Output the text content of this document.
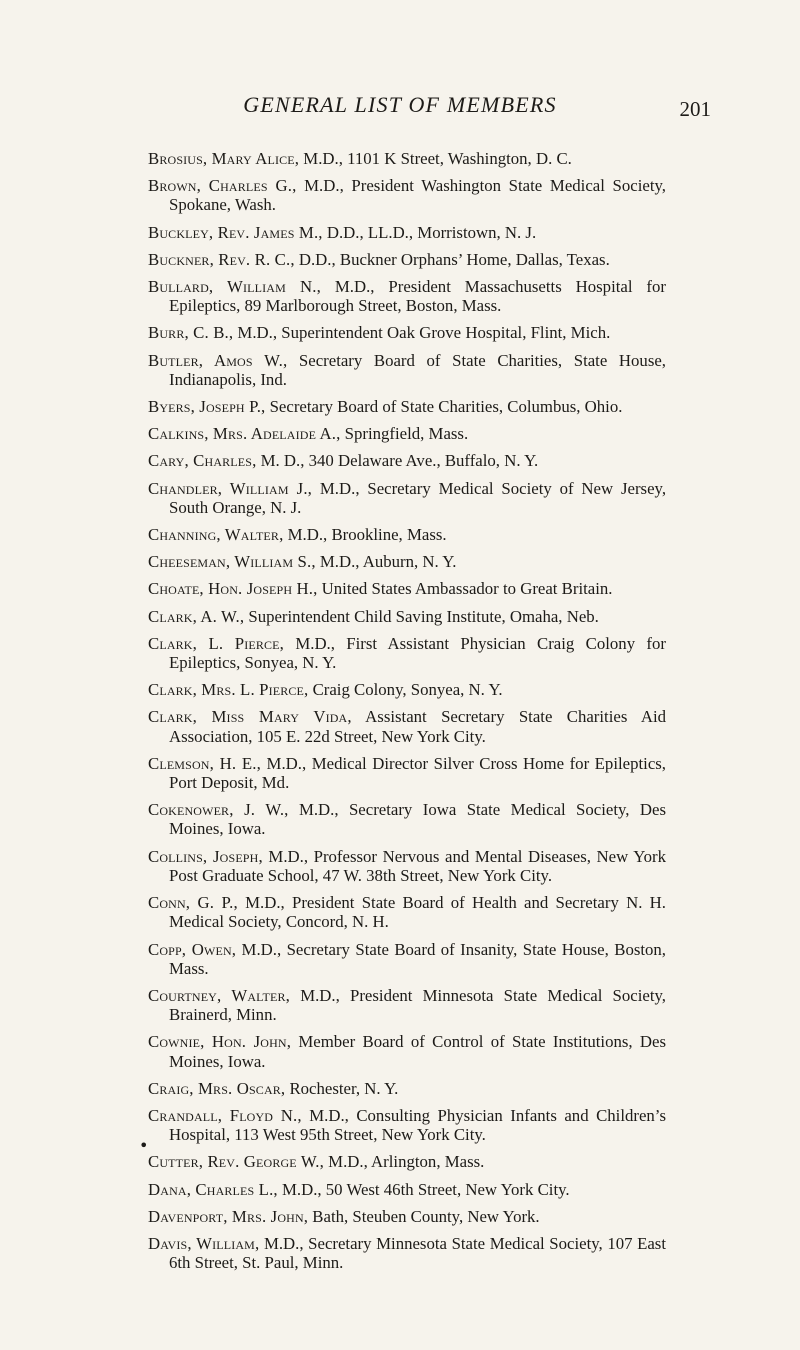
GENERAL LIST OF MEMBERS	201
•
Brosius, Mary Alice, M.D., 1101 K Street, Washington, D. C.
Brown, Charles G., M.D., President Washington State Medical Society, Spokane, Wash.
Buckley, Rev. James M., D.D., LL.D., Morristown, N. J.
Buckner, Rev. R. C., D.D., Buckner Orphans’ Home, Dallas, Texas.
Bullard, William N., M.D., President Massachusetts Hospital for Epileptics, 89 Marlborough Street, Boston, Mass.
Burr, C. B., M.D., Superintendent Oak Grove Hospital, Flint, Mich.
Butler, Amos W., Secretary Board of State Charities, State House, Indianapolis, Ind.
Byers, Joseph P., Secretary Board of State Charities, Columbus, Ohio.
Calkins, Mrs. Adelaide A., Springfield, Mass.
Cary, Charles, M. D., 340 Delaware Ave., Buffalo, N. Y.
Chandler, William J., M.D., Secretary Medical Society of New Jersey, South Orange, N. J.
Channing, Walter, M.D., Brookline, Mass.
Cheeseman, William S., M.D., Auburn, N. Y.
Choate, Hon. Joseph H., United States Ambassador to Great Britain.
Clark, A. W., Superintendent Child Saving Institute, Omaha, Neb.
Clark, L. Pierce, M.D., First Assistant Physician Craig Colony for Epileptics, Sonyea, N. Y.
Clark, Mrs. L. Pierce, Craig Colony, Sonyea, N. Y.
Clark, Miss Mary Vida, Assistant Secretary State Charities Aid Association, 105 E. 22d Street, New York City.
Clemson, H. E., M.D., Medical Director Silver Cross Home for Epileptics, Port Deposit, Md.
Cokenower, J. W., M.D., Secretary Iowa State Medical Society, Des Moines, Iowa.
Collins, Joseph, M.D., Professor Nervous and Mental Diseases, New York Post Graduate School, 47 W. 38th Street, New York City.
Conn, G. P., M.D., President State Board of Health and Secretary N. H. Medical Society, Concord, N. H.
Copp, Owen, M.D., Secretary State Board of Insanity, State House, Boston, Mass.
Courtney, Walter, M.D., President Minnesota State Medical Society, Brainerd, Minn.
Cownie, Hon. John, Member Board of Control of State Institutions, Des Moines, Iowa.
Craig, Mrs. Oscar, Rochester, N. Y.
Crandall, Floyd N., M.D., Consulting Physician Infants and Children’s Hospital, 113 West 95th Street, New York City.
Cutter, Rev. George W., M.D., Arlington, Mass.
Dana, Charles L., M.D., 50 West 46th Street, New York City.
Davenport, Mrs. John, Bath, Steuben County, New York.
Davis, William, M.D., Secretary Minnesota State Medical Society, 107 East 6th Street, St. Paul, Minn.
